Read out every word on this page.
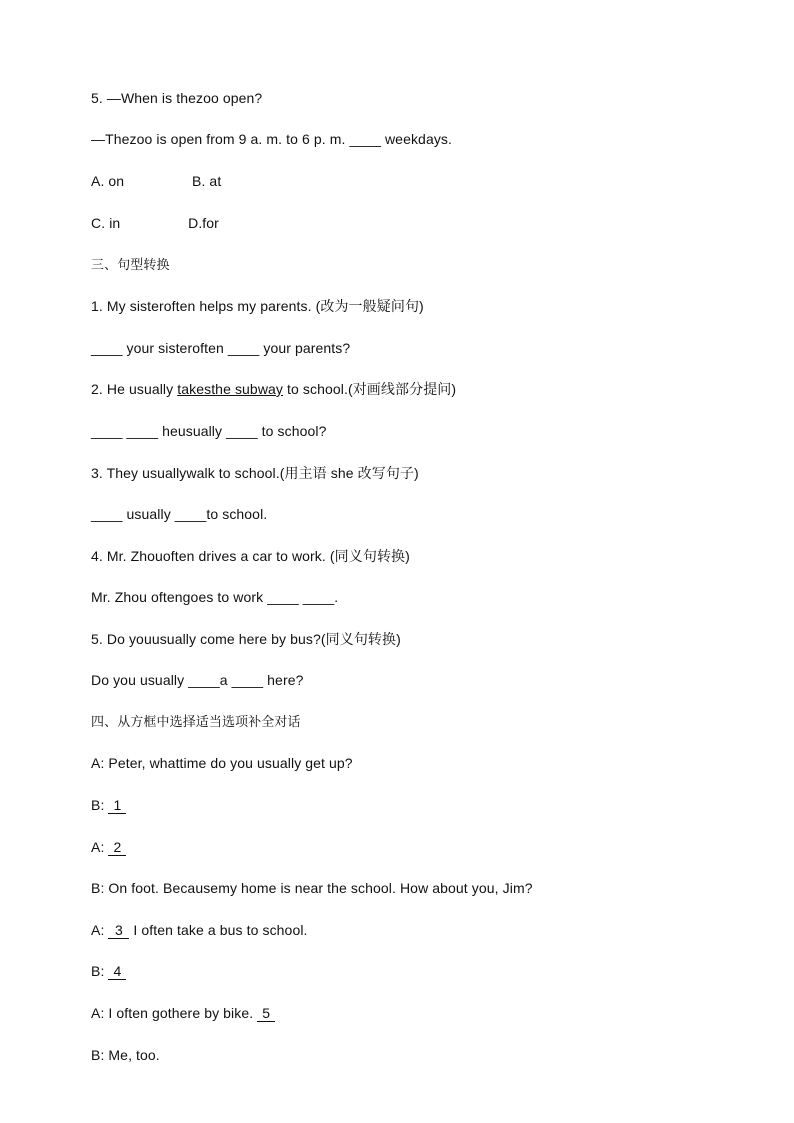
5. —When is thezoo open?
—Thezoo is open from 9 a. m. to 6 p. m. ____ weekdays.
A. on                 B. at
C. in                 D.for
三、句型转换
1. My sisteroften helps my parents. (改为一般疑问句)
____ your sisteroften ____ your parents?
2. He usually takesthe subway to school.(对画线部分提问)
____ ____ heusually ____ to school?
3. They usuallywalk to school.(用主语 she 改写句子)
____ usually ____to school.
4. Mr. Zhouoften drives a car to work. (同义句转换)
Mr. Zhou oftengoes to work ____ ____.
5. Do youusually come here by bus?(同义句转换)
Do you usually ____a ____ here?
四、从方框中选择适当选项补全对话
A: Peter, whattime do you usually get up?
B: 1
A: 2
B: On foot. Becausemy home is near the school. How about you, Jim?
A: 3 I often take a bus to school.
B: 4
A: I often gothere by bike. 5
B: Me, too.
